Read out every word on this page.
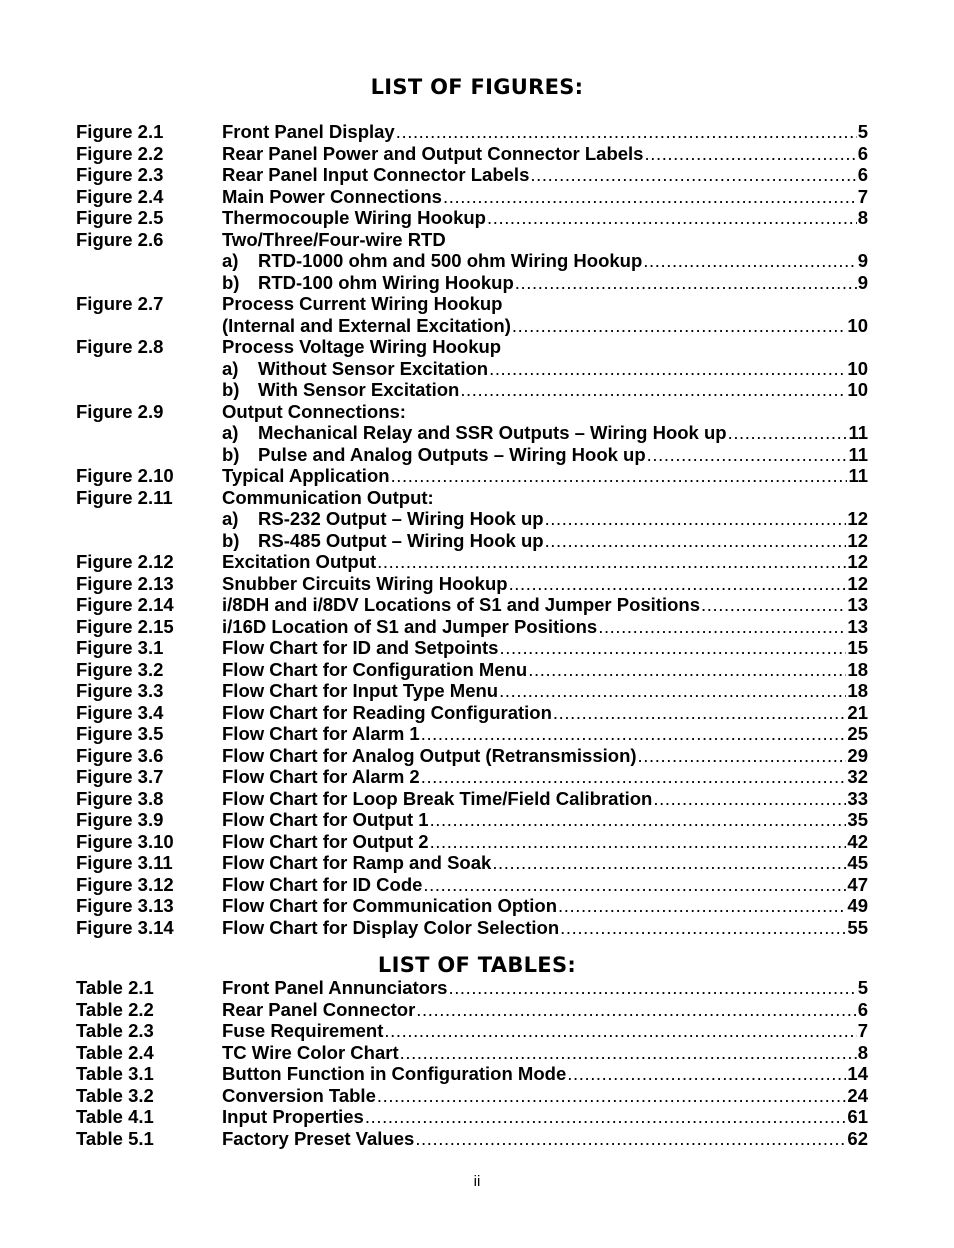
LIST OF FIGURES:
Figure 2.1	Front Panel Display .....	5
Figure 2.2	Rear Panel Power and Output Connector Labels .....	6
Figure 2.3	Rear Panel Input Connector Labels .....	6
Figure 2.4	Main Power Connections .....	7
Figure 2.5	Thermocouple Wiring Hookup .....	8
Figure 2.6	Two/Three/Four-wire RTD
a)	RTD-1000 ohm and 500 ohm Wiring Hookup .....	9
b)	RTD-100 ohm Wiring Hookup .....	9
Figure 2.7	Process Current Wiring Hookup
(Internal and External Excitation) .....	10
Figure 2.8	Process Voltage Wiring Hookup
a)	Without Sensor Excitation .....	10
b)	With Sensor Excitation .....	10
Figure 2.9	Output Connections:
a)	Mechanical Relay and SSR Outputs – Wiring Hook up .....	11
b)	Pulse and Analog Outputs – Wiring Hook up .....	11
Figure 2.10	Typical Application .....	11
Figure 2.11	Communication Output:
a)	RS-232 Output – Wiring Hook up .....	12
b)	RS-485 Output – Wiring Hook up .....	12
Figure 2.12	Excitation Output .....	12
Figure 2.13	Snubber Circuits Wiring Hookup .....	12
Figure 2.14	i/8DH and i/8DV Locations of S1 and Jumper Positions .....	13
Figure 2.15	i/16D Location of S1 and Jumper Positions .....	13
Figure 3.1	Flow Chart for ID and Setpoints .....	15
Figure 3.2	Flow Chart for Configuration Menu .....	18
Figure 3.3	Flow Chart for Input Type Menu .....	18
Figure 3.4	Flow Chart for Reading Configuration .....	21
Figure 3.5	Flow Chart for Alarm 1 .....	25
Figure 3.6	Flow Chart for Analog Output (Retransmission) .....	29
Figure 3.7	Flow Chart for Alarm 2 .....	32
Figure 3.8	Flow Chart for Loop Break Time/Field Calibration .....	33
Figure 3.9	Flow Chart for Output 1 .....	35
Figure 3.10	Flow Chart for Output 2 .....	42
Figure 3.11	Flow Chart for Ramp and Soak .....	45
Figure 3.12	Flow Chart for ID Code .....	47
Figure 3.13	Flow Chart for Communication Option .....	49
Figure 3.14	Flow Chart for Display Color Selection .....	55
LIST OF TABLES:
Table 2.1	Front Panel Annunciators .....	5
Table 2.2	Rear Panel Connector .....	6
Table 2.3	Fuse Requirement .....	7
Table 2.4	TC Wire Color Chart .....	8
Table 3.1	Button Function in Configuration Mode .....	14
Table 3.2	Conversion Table .....	24
Table 4.1	Input Properties .....	61
Table 5.1	Factory Preset Values .....	62
ii
